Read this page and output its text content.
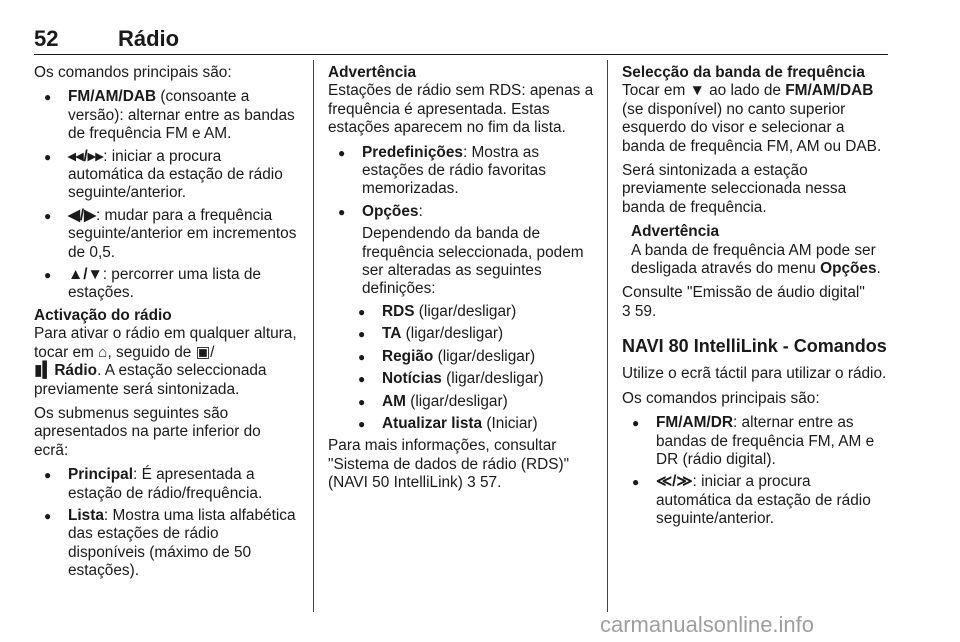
52	Rádio

Os comandos principais são:

● FM/AM/DAB (consoante a versão): alternar entre as bandas de frequência FM e AM.
● ◂◂/▸▸: iniciar a procura automática da estação de rádio seguinte/anterior.
● ◀/▶: mudar para a frequência seguinte/anterior em incrementos de 0,5.
● ▲/▼: percorrer uma lista de estações.

Activação do rádio

Para ativar o rádio em qualquer altura, tocar em ⌂, seguido de ▣/
▮▍Rádio. A estação seleccionada previamente será sintonizada.

Os submenus seguintes são apresentados na parte inferior do ecrã:

● Principal: É apresentada a estação de rádio/frequência.
● Lista: Mostra uma lista alfabética das estações de rádio disponíveis (máximo de 50 estações).

Advertência

Estações de rádio sem RDS: apenas a frequência é apresentada. Estas estações aparecem no fim da lista.

● Predefinições: Mostra as estações de rádio favoritas memorizadas.
● Opções:

Dependendo da banda de frequência seleccionada, podem ser alteradas as seguintes definições:

● RDS (ligar/desligar)
● TA (ligar/desligar)
● Região (ligar/desligar)
● Notícias (ligar/desligar)
● AM (ligar/desligar)
● Atualizar lista (Iniciar)

Para mais informações, consultar "Sistema de dados de rádio (RDS)" (NAVI 50 IntelliLink) 3 57.

Selecção da banda de frequência

Tocar em ▼ ao lado de FM/AM/DAB (se disponível) no canto superior esquerdo do visor e selecionar a banda de frequência FM, AM ou DAB.

Será sintonizada a estação previamente seleccionada nessa banda de frequência.

Advertência

A banda de frequência AM pode ser desligada através do menu Opções.

Consulte "Emissão de áudio digital"
3 59.

NAVI 80 IntelliLink - Comandos

Utilize o ecrã táctil para utilizar o rádio.

Os comandos principais são:

● FM/AM/DR: alternar entre as bandas de frequência FM, AM e DR (rádio digital).
● ≪/≫: iniciar a procura automática da estação de rádio seguinte/anterior.
carmanualsonline.info
